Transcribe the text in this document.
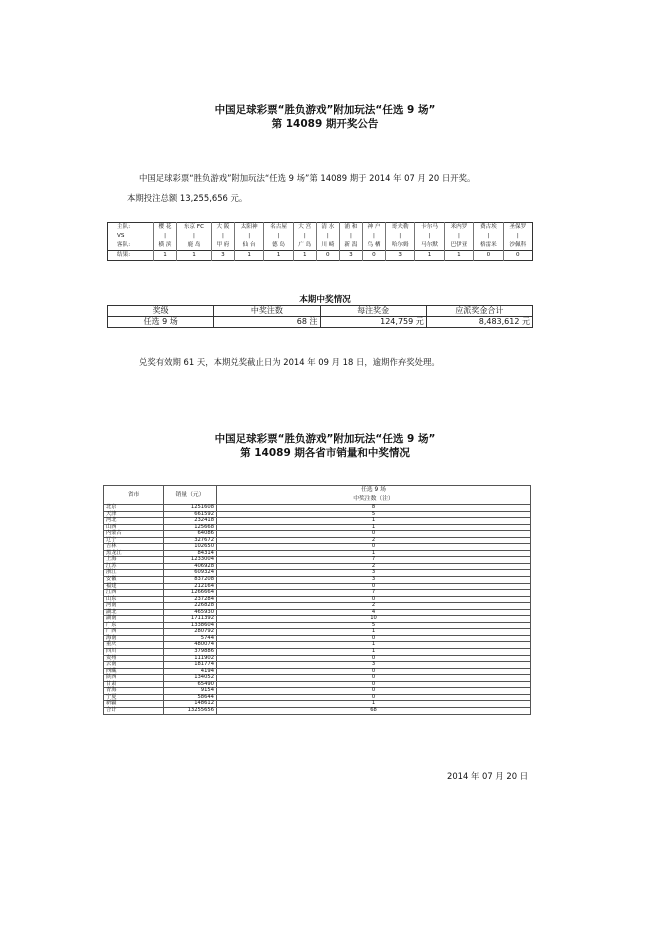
中国足球彩票“胜负游戏”附加玩法“任选 9 场”
第 14089 期开奖公告
中国足球彩票“胜负游戏”附加玩法“任选 9 场”第 14089 期于 2014 年 07 月 20 日开奖。
本期投注总额 13,255,656 元。
主队:	樱 花	东京 FC	大 阪	太阳神	名古屋	大 宫	清 水	浦 和	神 户	哥夫勒	卡尔马	米内罗	费古埃	圣保罗
VS	|	|	|	|	|	|	|	|	|	|	|	|	|	|
客队:	横 滨	鹿 岛	甲 府	仙 台	德 岛	广 岛	川 崎	新 潟	鸟 栖	哈尔姆	马尔默	巴伊亚	格雷米	沙佩科
结果:	1	1	3	1	1	1	0	3	0	3	1	1	0	0
本期中奖情况
奖级	中奖注数	每注奖金	应派奖金合计
任选 9 场	68 注	124,759 元	8,483,612 元
兑奖有效期 61 天，本期兑奖截止日为 2014 年 09 月 18 日，逾期作弃奖处理。
中国足球彩票“胜负游戏”附加玩法“任选 9 场”
第 14089 期各省市销量和中奖情况
省市	销量（元）	任选 9 场
中奖注数（注）

北京	1251608	8
天津	661592	5
河北	232418	1
山西	125668	1
内蒙古	64086	0
辽宁	327672	2
吉林	102650	0
黑龙江	84314	1
上海	1233004	7
江苏	406928	2
浙江	609324	3
安徽	837208	3
福建	212164	0
江西	1266664	7
山东	237284	0
河南	226828	2
湖北	465930	4
湖南	1711392	10
广东	1338604	5
广西	280792	1
海南	5744	0
重庆	480074	1
四川	379886	1
贵州	111902	0
云南	181774	3
西藏	4194	0
陕西	134052	0
甘肃	65490	0
青海	9154	0
宁夏	58644	0
新疆	148612	1
合计	13255656	68
2014 年 07 月 20 日
